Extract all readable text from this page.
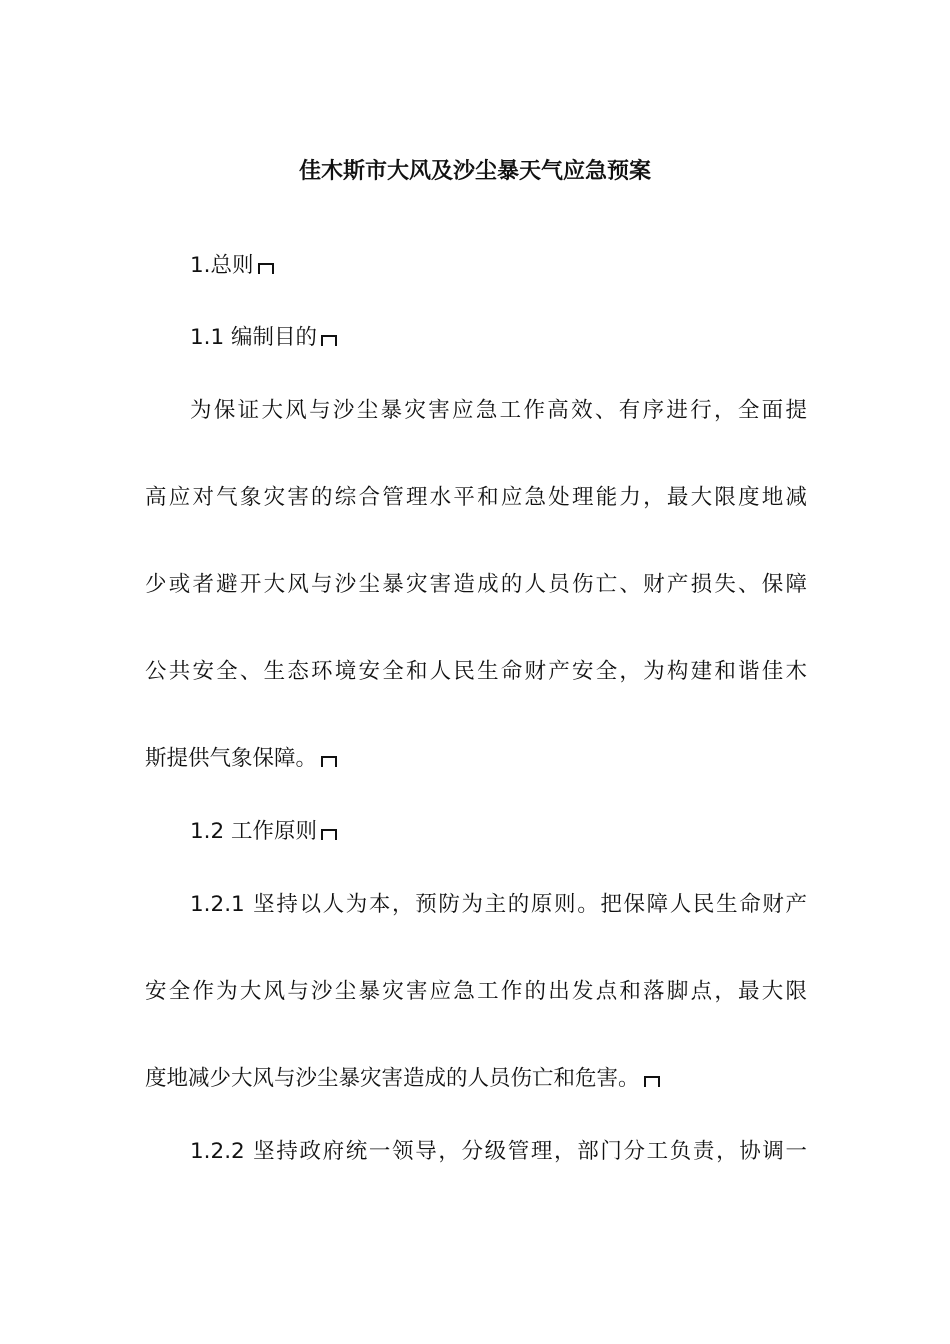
佳木斯市大风及沙尘暴天气应急预案
1.总则
1.1 编制目的
为保证大风与沙尘暴灾害应急工作高效、有序进行，全面提
高应对气象灾害的综合管理水平和应急处理能力，最大限度地减
少或者避开大风与沙尘暴灾害造成的人员伤亡、财产损失、保障
公共安全、生态环境安全和人民生命财产安全，为构建和谐佳木
斯提供气象保障。
1.2 工作原则
1.2.1 坚持以人为本，预防为主的原则。把保障人民生命财产
安全作为大风与沙尘暴灾害应急工作的出发点和落脚点，最大限
度地减少大风与沙尘暴灾害造成的人员伤亡和危害。
1.2.2 坚持政府统一领导，分级管理，部门分工负责，协调一
